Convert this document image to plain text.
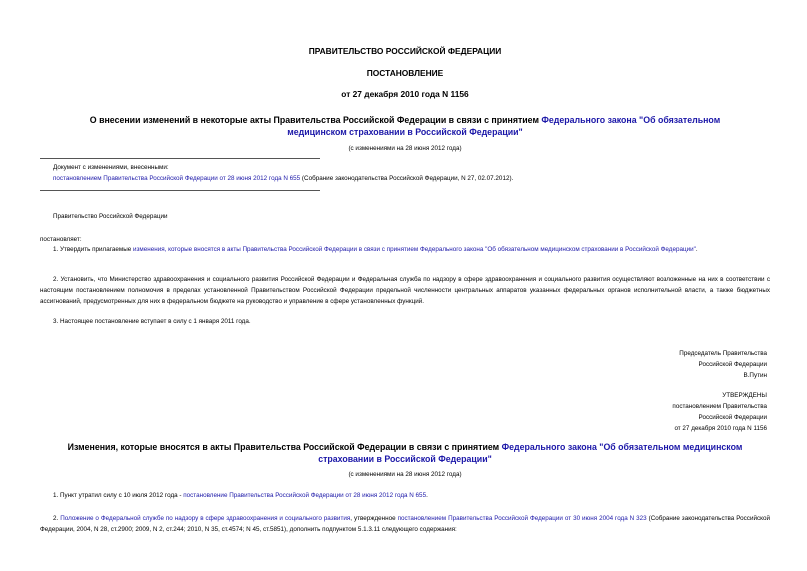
ПРАВИТЕЛЬСТВО РОССИЙСКОЙ ФЕДЕРАЦИИ
ПОСТАНОВЛЕНИЕ
от 27 декабря 2010 года N 1156
О внесении изменений в некоторые акты Правительства Российской Федерации в связи с принятием Федерального закона "Об обязательном медицинском страховании в Российской Федерации"
(с изменениями на 28 июня 2012 года)
Документ с изменениями, внесенными:
постановлением Правительства Российской Федерации от 28 июня 2012 года N 655 (Собрание законодательства Российской Федерации, N 27, 02.07.2012).
Правительство Российской Федерации
постановляет:
1. Утвердить прилагаемые изменения, которые вносятся в акты Правительства Российской Федерации в связи с принятием Федерального закона "Об обязательном медицинском страховании в Российской Федерации".
2. Установить, что Министерство здравоохранения и социального развития Российской Федерации и Федеральная служба по надзору в сфере здравоохранения и социального развития осуществляют возложенные на них в соответствии с настоящим постановлением полномочия в пределах установленной Правительством Российской Федерации предельной численности центральных аппаратов указанных федеральных органов исполнительной власти, а также бюджетных ассигнований, предусмотренных для них в федеральном бюджете на руководство и управление в сфере установленных функций.
3. Настоящее постановление вступает в силу с 1 января 2011 года.
Председатель Правительства
Российской Федерации
В.Путин
УТВЕРЖДЕНЫ
постановлением Правительства
Российской Федерации
от 27 декабря 2010 года N 1156
Изменения, которые вносятся в акты Правительства Российской Федерации в связи с принятием Федерального закона "Об обязательном медицинском страховании в Российской Федерации"
(с изменениями на 28 июня 2012 года)
1. Пункт утратил силу с 10 июля 2012 года - постановление Правительства Российской Федерации от 28 июня 2012 года N 655.
2. Положение о Федеральной службе по надзору в сфере здравоохранения и социального развития, утвержденное постановлением Правительства Российской Федерации от 30 июня 2004 года N 323 (Собрание законодательства Российской Федерации, 2004, N 28, ст.2900; 2009, N 2, ст.244; 2010, N 35, ст.4574; N 45, ст.5851), дополнить подпунктом 5.1.3.11 следующего содержания:
